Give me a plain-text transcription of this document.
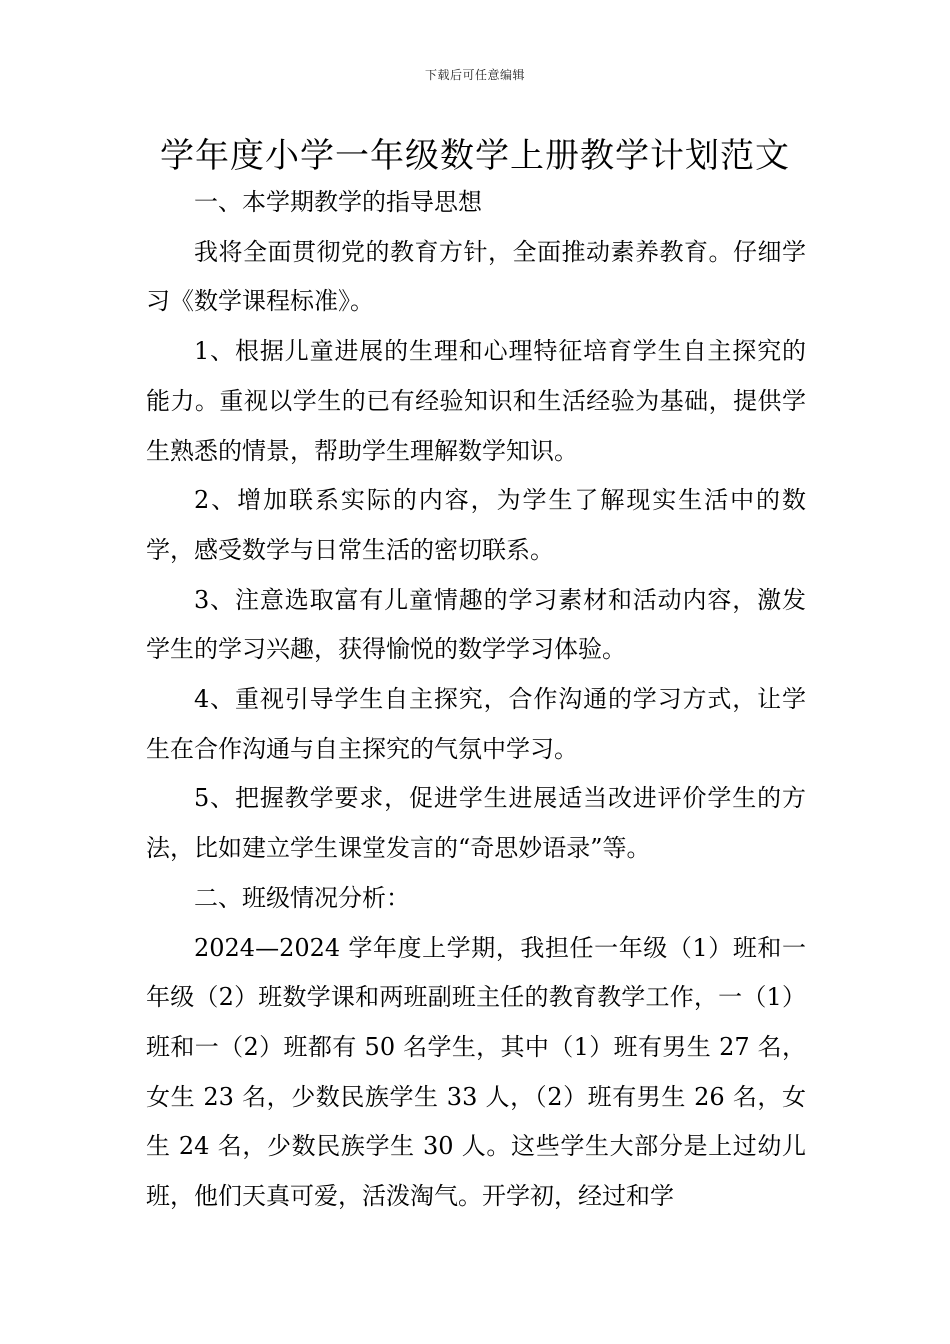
下载后可任意编辑
学年度小学一年级数学上册教学计划范文

一、本学期教学的指导思想

我将全面贯彻党的教育方针，全面推动素养教育。仔细学习《数学课程标准》。

1、根据儿童进展的生理和心理特征培育学生自主探究的能力。重视以学生的已有经验知识和生活经验为基础，提供学生熟悉的情景，帮助学生理解数学知识。

2、增加联系实际的内容，为学生了解现实生活中的数学，感受数学与日常生活的密切联系。

3、注意选取富有儿童情趣的学习素材和活动内容，激发学生的学习兴趣，获得愉悦的数学学习体验。

4、重视引导学生自主探究，合作沟通的学习方式，让学生在合作沟通与自主探究的气氛中学习。

5、把握教学要求，促进学生进展适当改进评价学生的方法，比如建立学生课堂发言的“奇思妙语录”等。

二、班级情况分析：

2024—2024 学年度上学期，我担任一年级（1）班和一年级（2）班数学课和两班副班主任的教育教学工作，一（1）班和一（2）班都有 50 名学生，其中（1）班有男生 27 名，女生 23 名，少数民族学生 33 人，（2）班有男生 26 名，女生 24 名，少数民族学生 30 人。这些学生大部分是上过幼儿班，他们天真可爱，活泼淘气。开学初，经过和学
